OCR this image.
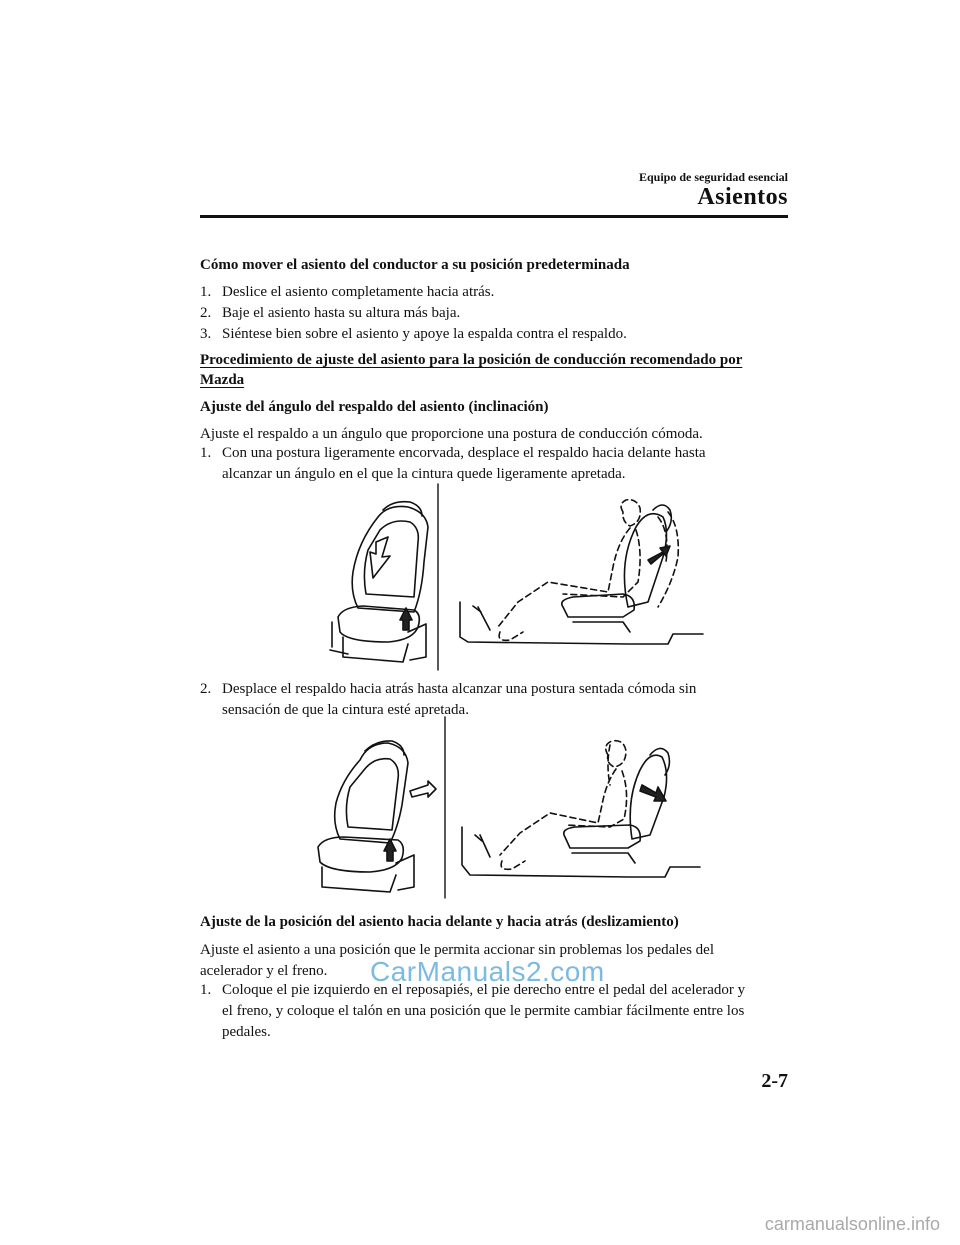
Equipo de seguridad esencial
Asientos
Cómo mover el asiento del conductor a su posición predeterminada
1. Deslice el asiento completamente hacia atrás.
2. Baje el asiento hasta su altura más baja.
3. Siéntese bien sobre el asiento y apoye la espalda contra el respaldo.
Procedimiento de ajuste del asiento para la posición de conducción recomendado por
Mazda
Ajuste del ángulo del respaldo del asiento (inclinación)
Ajuste el respaldo a un ángulo que proporcione una postura de conducción cómoda.
1. Con una postura ligeramente encorvada, desplace el respaldo hacia delante hasta
alcanzar un ángulo en el que la cintura quede ligeramente apretada.
2. Desplace el respaldo hacia atrás hasta alcanzar una postura sentada cómoda sin
sensación de que la cintura esté apretada.
Ajuste de la posición del asiento hacia delante y hacia atrás (deslizamiento)
Ajuste el asiento a una posición que le permita accionar sin problemas los pedales del
acelerador y el freno.
1. Coloque el pie izquierdo en el reposapiés, el pie derecho entre el pedal del acelerador y
el freno, y coloque el talón en una posición que le permite cambiar fácilmente entre los
pedales.
CarManuals2.com
2-7
carmanualsonline.info
